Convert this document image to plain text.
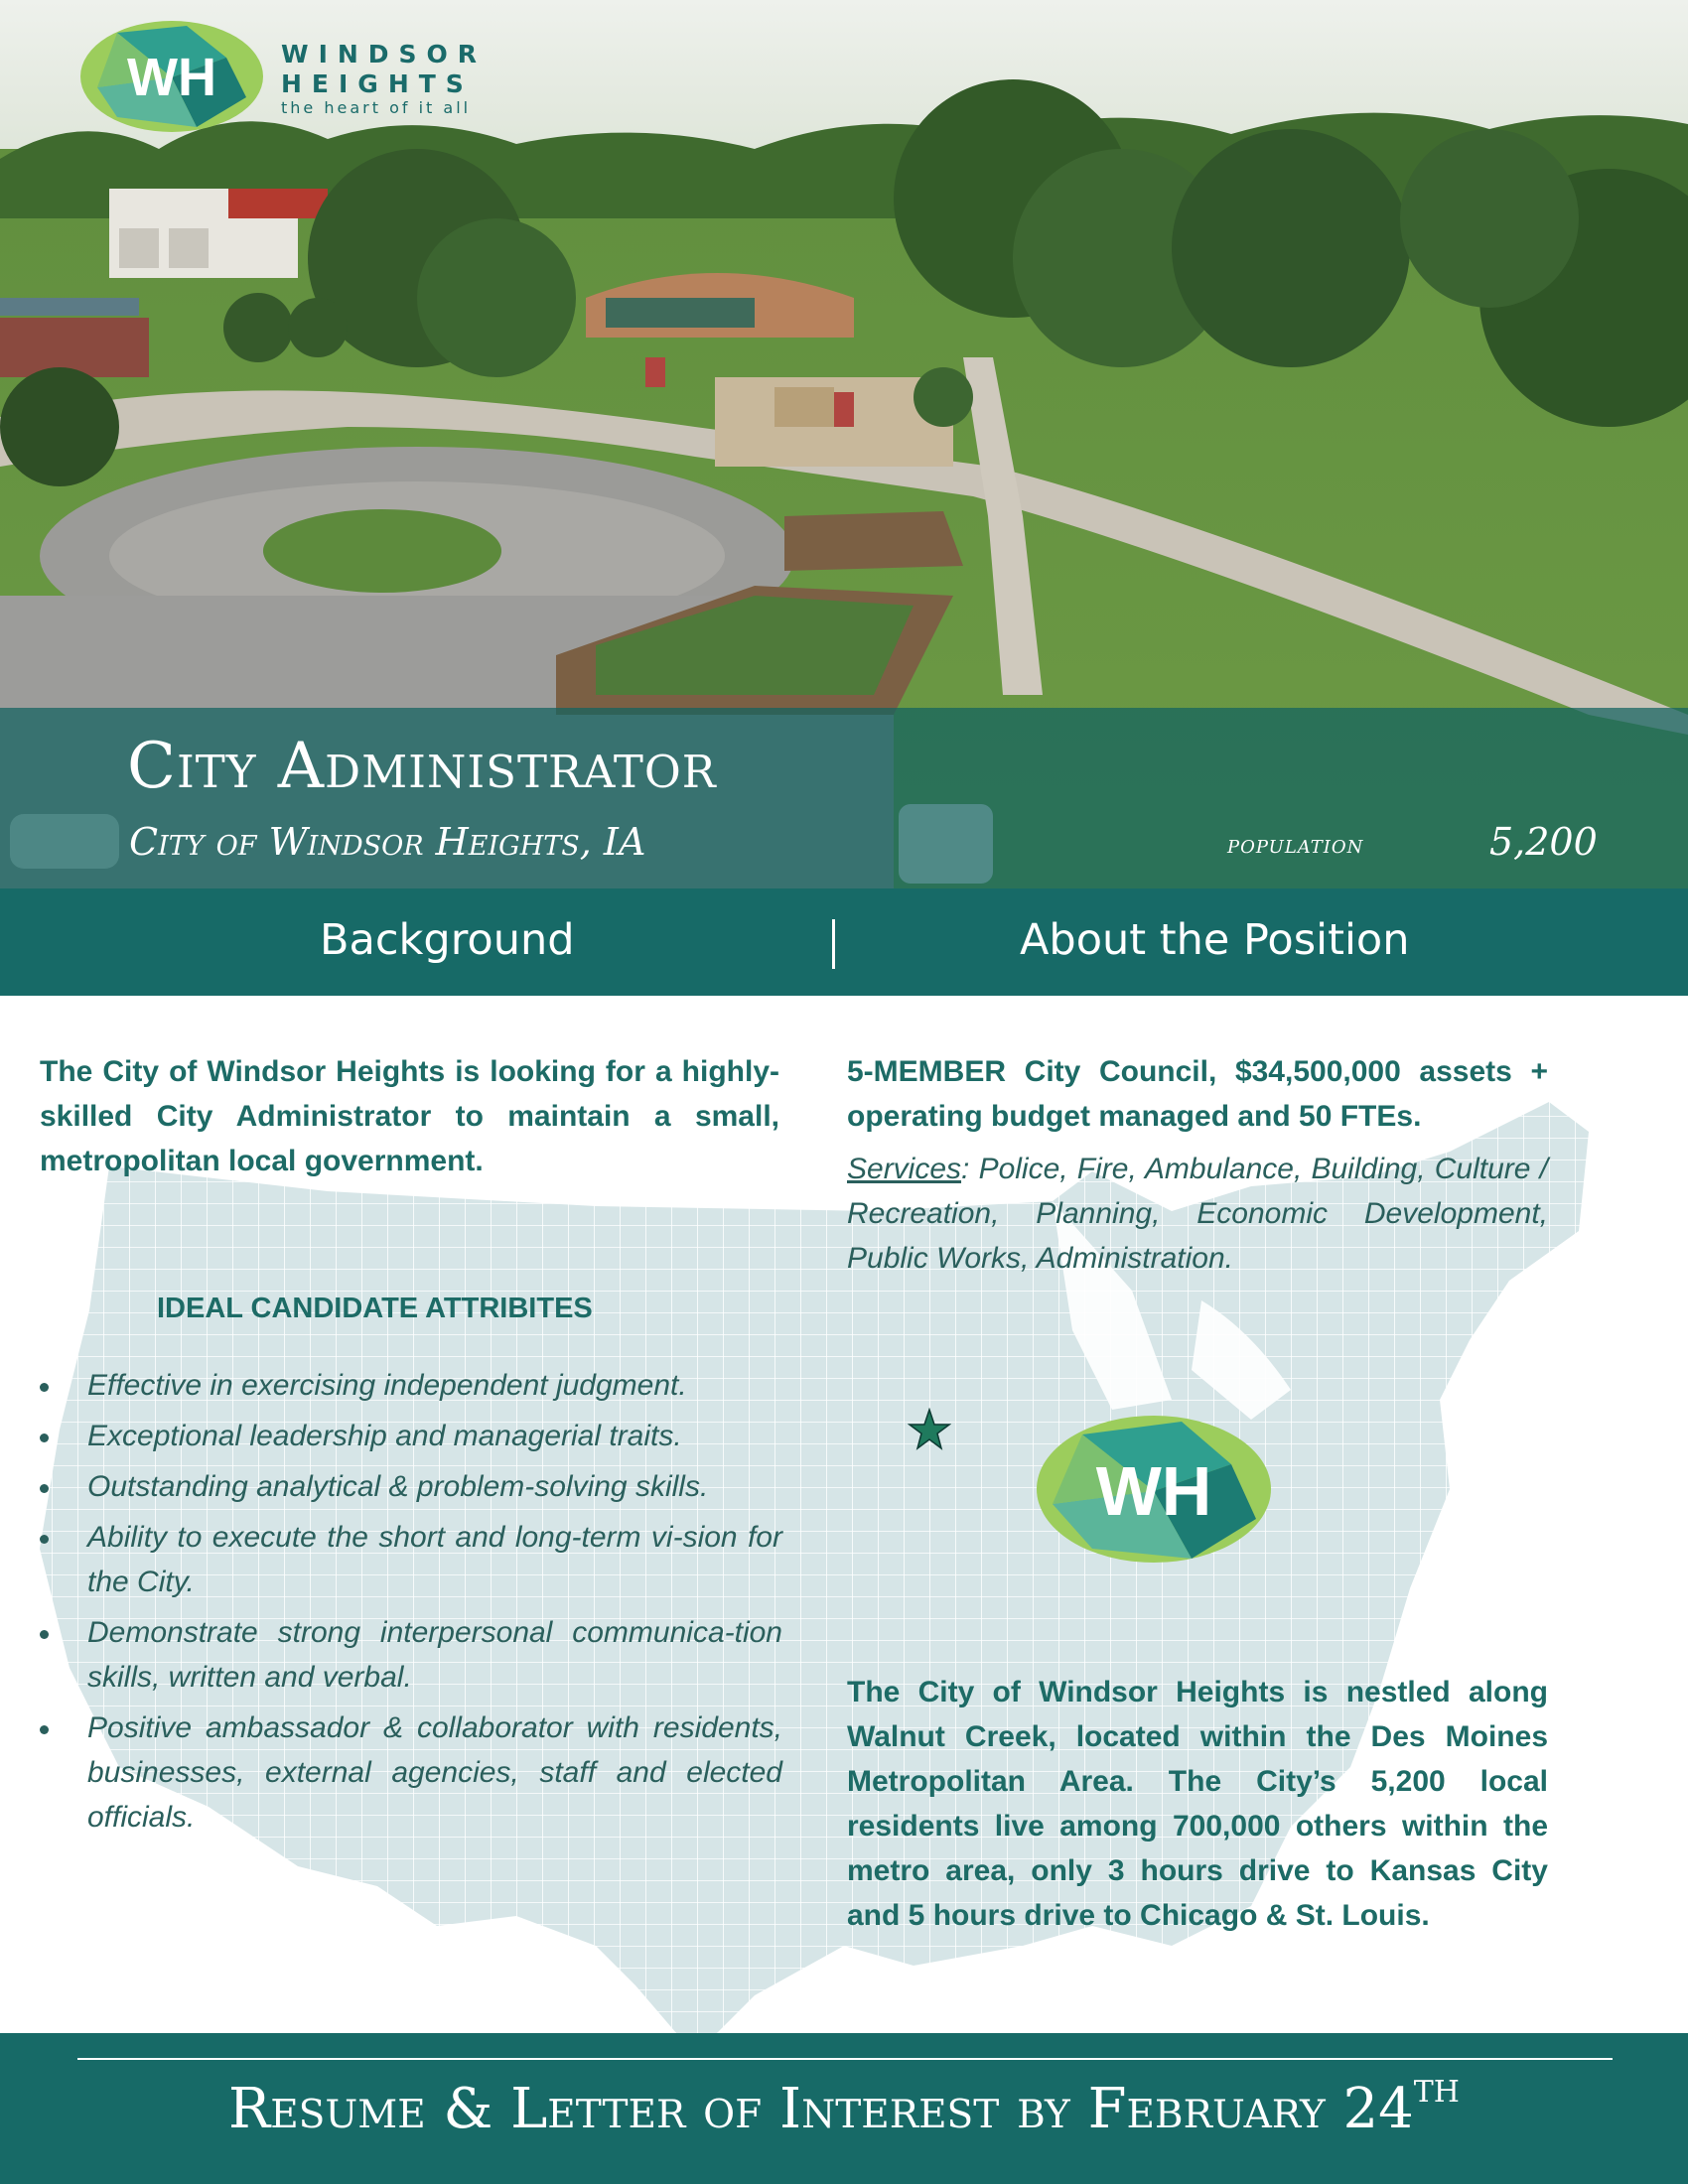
WH	WINDSOR
HEIGHTS
the heart of it all
City Administrator
City of Windsor Heights, IA	population	5,200
Background	About the Position
WH
The City of Windsor Heights is looking for a highly-skilled City Administrator to maintain a small, metropolitan local government.
IDEAL CANDIDATE ATTRIBITES
Effective in exercising independent judgment.
Exceptional leadership and managerial traits.
Outstanding analytical & problem-solving skills.
Ability to execute the short and long-term vi-sion for the City.
Demonstrate strong interpersonal communica-tion skills, written and verbal.
Positive ambassador & collaborator with residents, businesses, external agencies, staff and elected officials.
5-MEMBER City Council, $34,500,000 assets + operating budget managed and 50 FTEs.
Services: Police, Fire, Ambulance, Building, Culture / Recreation, Planning, Economic Development, Public Works, Administration.
The City of Windsor Heights is nestled along Walnut Creek, located within the Des Moines Metropolitan Area. The City’s 5,200 local residents live among 700,000 others within the metro area, only 3 hours drive to Kansas City and 5 hours drive to Chicago & St. Louis.
Resume & Letter of Interest by February 24TH
